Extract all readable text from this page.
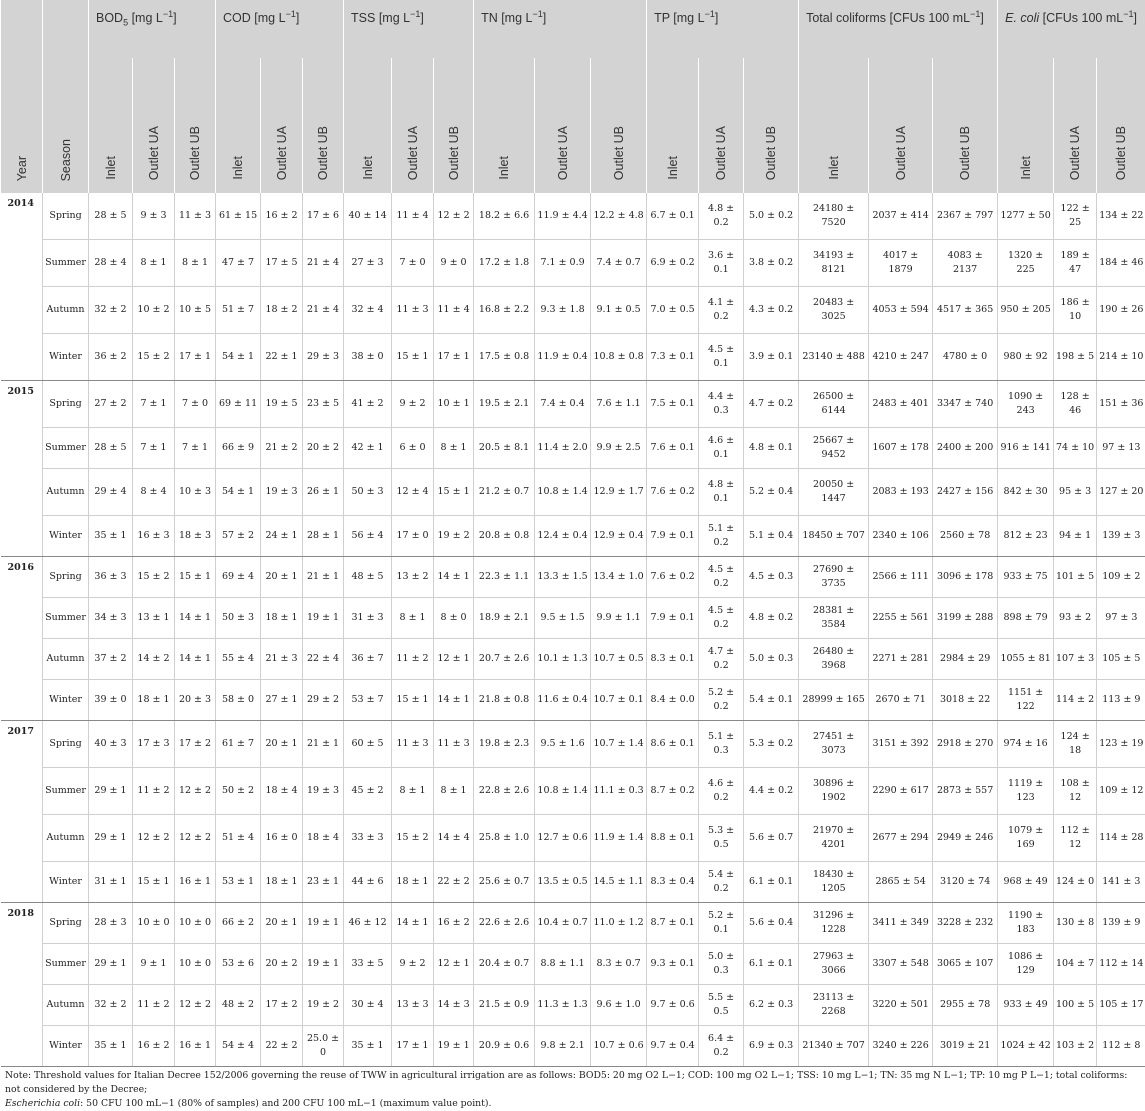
Year	Season	$BOD_5$ [mg $L^{-1}$]			COD [mg $L^{-1}$]			TSS [mg $L^{-1}$]			TN [mg $L^{-1}$]			TP [mg $L^{-1}$]			Total coliforms [CFUs 100 $mL^{-1}$]			E. coli [CFUs 100 $mL^{-1}$]		
		Inlet	Outlet UA	Outlet UB	Inlet	Outlet UA	Outlet UB	Inlet	Outlet UA	Outlet UB	Inlet	Outlet UA	Outlet UB	Inlet	Outlet UA	Outlet UB	Inlet	Outlet UA	Outlet UB	Inlet	Outlet UA	Outlet UB
2014	Spring	28 ± 5	9 ± 3	11 ± 3	61 ± 15	16 ± 2	17 ± 6	40 ± 14	11 ± 4	12 ± 2	18.2 ± 6.6	11.9 ± 4.4	12.2 ± 4.8	6.7 ± 0.1	4.8 ± 0.2	5.0 ± 0.2	24180 ± 7520	2037 ± 414	2367 ± 797	1277 ± 50	122 ± 25	134 ± 22
	Summer	28 ± 4	8 ± 1	8 ± 1	47 ± 7	17 ± 5	21 ± 4	27 ± 3	7 ± 0	9 ± 0	17.2 ± 1.8	7.1 ± 0.9	7.4 ± 0.7	6.9 ± 0.2	3.6 ± 0.1	3.8 ± 0.2	34193 ± 8121	4017 ± 1879	4083 ± 2137	1320 ± 225	189 ± 47	184 ± 46
	Autumn	32 ± 2	10 ± 2	10 ± 5	51 ± 7	18 ± 2	21 ± 4	32 ± 4	11 ± 3	11 ± 4	16.8 ± 2.2	9.3 ± 1.8	9.1 ± 0.5	7.0 ± 0.5	4.1 ± 0.2	4.3 ± 0.2	20483 ± 3025	4053 ± 594	4517 ± 365	950 ± 205	186 ± 10	190 ± 26
	Winter	36 ± 2	15 ± 2	17 ± 1	54 ± 1	22 ± 1	29 ± 3	38 ± 0	15 ± 1	17 ± 1	17.5 ± 0.8	11.9 ± 0.4	10.8 ± 0.8	7.3 ± 0.1	4.5 ± 0.1	3.9 ± 0.1	23140 ± 488	4210 ± 247	4780 ± 0	980 ± 92	198 ± 5	214 ± 10
2015	Spring	27 ± 2	7 ± 1	7 ± 0	69 ± 11	19 ± 5	23 ± 5	41 ± 2	9 ± 2	10 ± 1	19.5 ± 2.1	7.4 ± 0.4	7.6 ± 1.1	7.5 ± 0.1	4.4 ± 0.3	4.7 ± 0.2	26500 ± 6144	2483 ± 401	3347 ± 740	1090 ± 243	128 ± 46	151 ± 36
	Summer	28 ± 5	7 ± 1	7 ± 1	66 ± 9	21 ± 2	20 ± 2	42 ± 1	6 ± 0	8 ± 1	20.5 ± 8.1	11.4 ± 2.0	9.9 ± 2.5	7.6 ± 0.1	4.6 ± 0.1	4.8 ± 0.1	25667 ± 9452	1607 ± 178	2400 ± 200	916 ± 141	74 ± 10	97 ± 13
	Autumn	29 ± 4	8 ± 4	10 ± 3	54 ± 1	19 ± 3	26 ± 1	50 ± 3	12 ± 4	15 ± 1	21.2 ± 0.7	10.8 ± 1.4	12.9 ± 1.7	7.6 ± 0.2	4.8 ± 0.1	5.2 ± 0.4	20050 ± 1447	2083 ± 193	2427 ± 156	842 ± 30	95 ± 3	127 ± 20
	Winter	35 ± 1	16 ± 3	18 ± 3	57 ± 2	24 ± 1	28 ± 1	56 ± 4	17 ± 0	19 ± 2	20.8 ± 0.8	12.4 ± 0.4	12.9 ± 0.4	7.9 ± 0.1	5.1 ± 0.2	5.1 ± 0.4	18450 ± 707	2340 ± 106	2560 ± 78	812 ± 23	94 ± 1	139 ± 3
2016	Spring	36 ± 3	15 ± 2	15 ± 1	69 ± 4	20 ± 1	21 ± 1	48 ± 5	13 ± 2	14 ± 1	22.3 ± 1.1	13.3 ± 1.5	13.4 ± 1.0	7.6 ± 0.2	4.5 ± 0.2	4.5 ± 0.3	27690 ± 3735	2566 ± 111	3096 ± 178	933 ± 75	101 ± 5	109 ± 2
	Summer	34 ± 3	13 ± 1	14 ± 1	50 ± 3	18 ± 1	19 ± 1	31 ± 3	8 ± 1	8 ± 0	18.9 ± 2.1	9.5 ± 1.5	9.9 ± 1.1	7.9 ± 0.1	4.5 ± 0.2	4.8 ± 0.2	28381 ± 3584	2255 ± 561	3199 ± 288	898 ± 79	93 ± 2	97 ± 3
	Autumn	37 ± 2	14 ± 2	14 ± 1	55 ± 4	21 ± 3	22 ± 4	36 ± 7	11 ± 2	12 ± 1	20.7 ± 2.6	10.1 ± 1.3	10.7 ± 0.5	8.3 ± 0.1	4.7 ± 0.2	5.0 ± 0.3	26480 ± 3968	2271 ± 281	2984 ± 29	1055 ± 81	107 ± 3	105 ± 5
	Winter	39 ± 0	18 ± 1	20 ± 3	58 ± 0	27 ± 1	29 ± 2	53 ± 7	15 ± 1	14 ± 1	21.8 ± 0.8	11.6 ± 0.4	10.7 ± 0.1	8.4 ± 0.0	5.2 ± 0.2	5.4 ± 0.1	28999 ± 165	2670 ± 71	3018 ± 22	1151 ± 122	114 ± 2	113 ± 9
2017	Spring	40 ± 3	17 ± 3	17 ± 2	61 ± 7	20 ± 1	21 ± 1	60 ± 5	11 ± 3	11 ± 3	19.8 ± 2.3	9.5 ± 1.6	10.7 ± 1.4	8.6 ± 0.1	5.1 ± 0.3	5.3 ± 0.2	27451 ± 3073	3151 ± 392	2918 ± 270	974 ± 16	124 ± 18	123 ± 19
	Summer	29 ± 1	11 ± 2	12 ± 2	50 ± 2	18 ± 4	19 ± 3	45 ± 2	8 ± 1	8 ± 1	22.8 ± 2.6	10.8 ± 1.4	11.1 ± 0.3	8.7 ± 0.2	4.6 ± 0.2	4.4 ± 0.2	30896 ± 1902	2290 ± 617	2873 ± 557	1119 ± 123	108 ± 12	109 ± 12
	Autumn	29 ± 1	12 ± 2	12 ± 2	51 ± 4	16 ± 0	18 ± 4	33 ± 3	15 ± 2	14 ± 4	25.8 ± 1.0	12.7 ± 0.6	11.9 ± 1.4	8.8 ± 0.1	5.3 ± 0.5	5.6 ± 0.7	21970 ± 4201	2677 ± 294	2949 ± 246	1079 ± 169	112 ± 12	114 ± 28
	Winter	31 ± 1	15 ± 1	16 ± 1	53 ± 1	18 ± 1	23 ± 1	44 ± 6	18 ± 1	22 ± 2	25.6 ± 0.7	13.5 ± 0.5	14.5 ± 1.1	8.3 ± 0.4	5.4 ± 0.2	6.1 ± 0.1	18430 ± 1205	2865 ± 54	3120 ± 74	968 ± 49	124 ± 0	141 ± 3
2018	Spring	28 ± 3	10 ± 0	10 ± 0	66 ± 2	20 ± 1	19 ± 1	46 ± 12	14 ± 1	16 ± 2	22.6 ± 2.6	10.4 ± 0.7	11.0 ± 1.2	8.7 ± 0.1	5.2 ± 0.1	5.6 ± 0.4	31296 ± 1228	3411 ± 349	3228 ± 232	1190 ± 183	130 ± 8	139 ± 9
	Summer	29 ± 1	9 ± 1	10 ± 0	53 ± 6	20 ± 2	19 ± 1	33 ± 5	9 ± 2	12 ± 1	20.4 ± 0.7	8.8 ± 1.1	8.3 ± 0.7	9.3 ± 0.1	5.0 ± 0.3	6.1 ± 0.1	27963 ± 3066	3307 ± 548	3065 ± 107	1086 ± 129	104 ± 7	112 ± 14
	Autumn	32 ± 2	11 ± 2	12 ± 2	48 ± 2	17 ± 2	19 ± 2	30 ± 4	13 ± 3	14 ± 3	21.5 ± 0.9	11.3 ± 1.3	9.6 ± 1.0	9.7 ± 0.6	5.5 ± 0.5	6.2 ± 0.3	23113 ± 2268	3220 ± 501	2955 ± 78	933 ± 49	100 ± 5	105 ± 17
	Winter	35 ± 1	16 ± 2	16 ± 1	54 ± 4	22 ± 2	25.0 ± 0	35 ± 1	17 ± 1	19 ± 1	20.9 ± 0.6	9.8 ± 2.1	10.7 ± 0.6	9.7 ± 0.4	6.4 ± 0.2	6.9 ± 0.3	21340 ± 707	3240 ± 226	3019 ± 21	1024 ± 42	103 ± 2	112 ± 8

Note: Threshold values for Italian Decree 152/2006 governing the reuse of TWW in agricultural irrigation are as follows: BOD5: 20 mg O2 L−1; COD: 100 mg O2 L−1; TSS: 10 mg L−1; TN: 35 mg N L−1; TP: 10 mg P L−1; total coliforms: not considered by the Decree;

Escherichia coli: 50 CFU 100 mL−1 (80% of samples) and 200 CFU 100 mL−1 (maximum value point).
